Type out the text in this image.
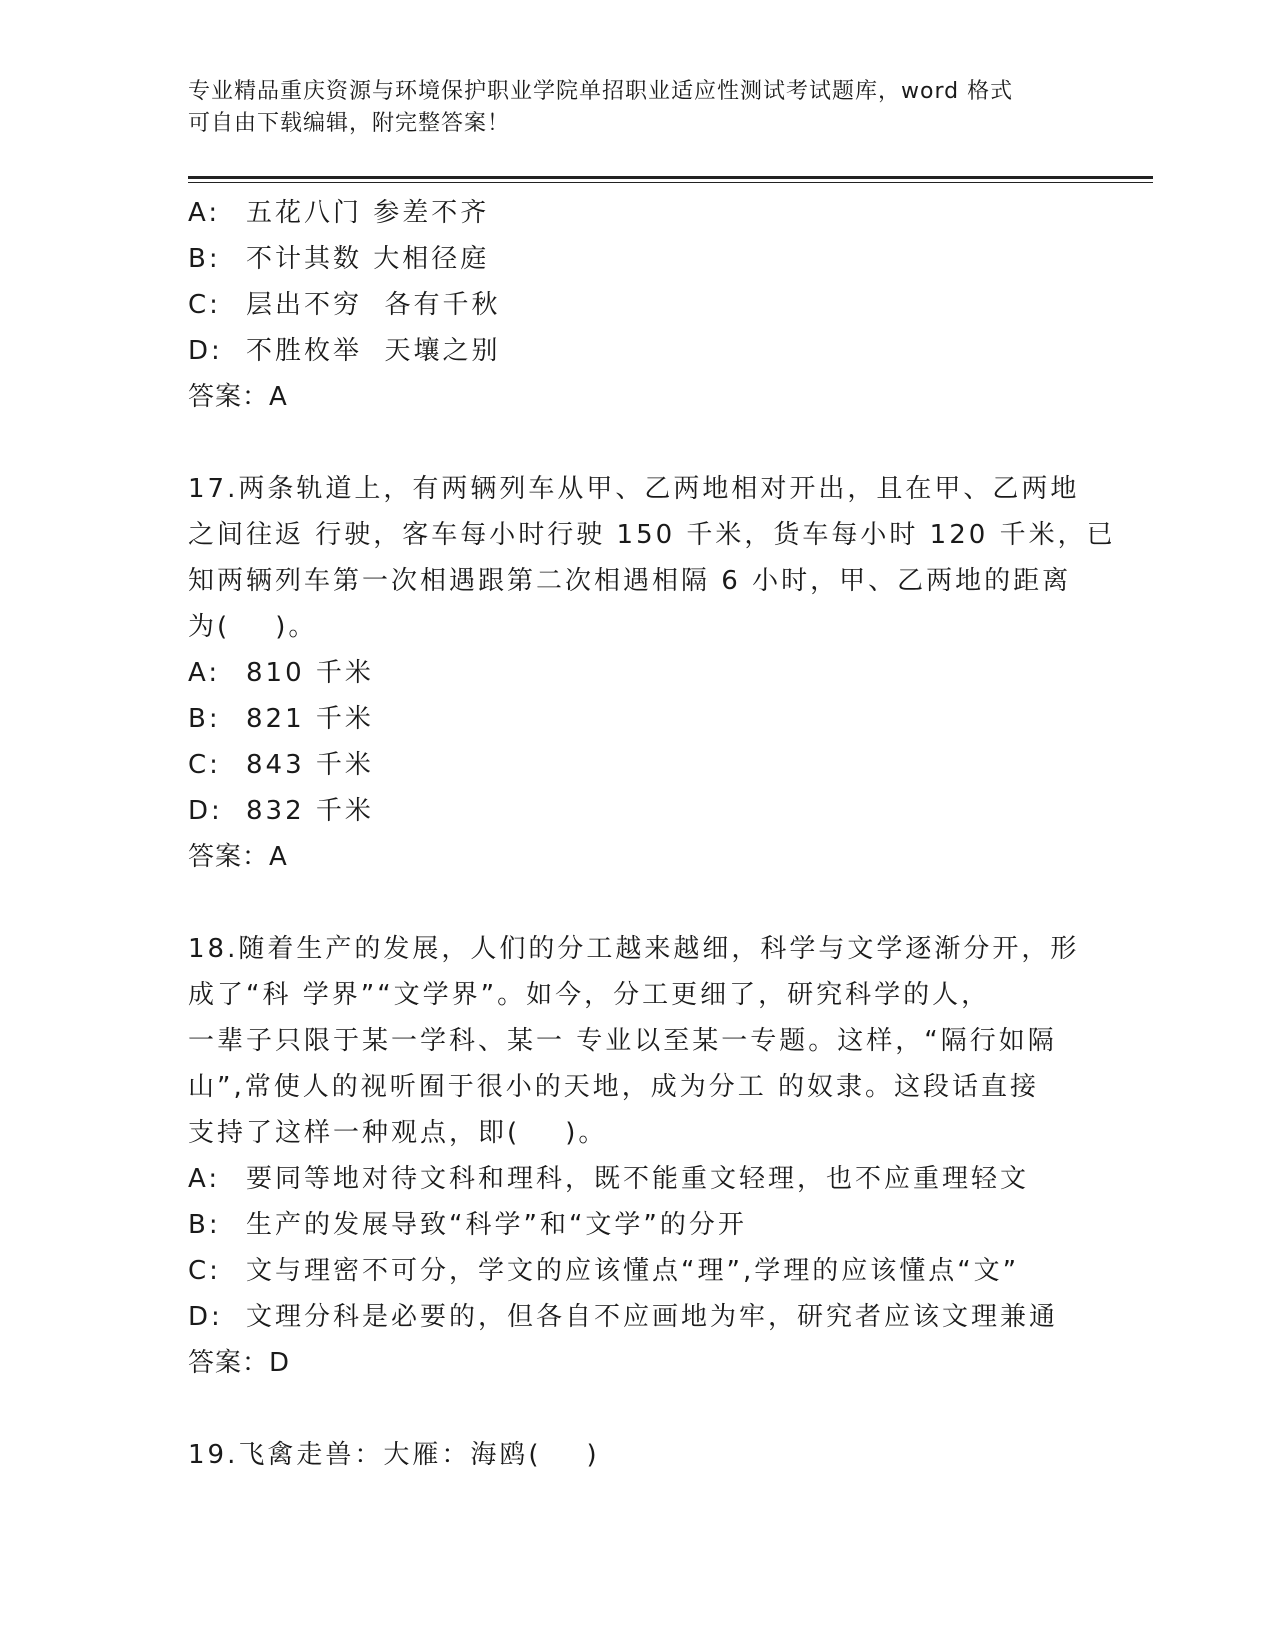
专业精品重庆资源与环境保护职业学院单招职业适应性测试考试题库，word 格式
可自由下载编辑，附完整答案！
A: 五花八门 参差不齐
B: 不计其数 大相径庭
C: 层出不穷  各有千秋
D: 不胜枚举  天壤之别
答案：A
17.两条轨道上，有两辆列车从甲、乙两地相对开出，且在甲、乙两地
之间往返 行驶，客车每小时行驶 150 千米，货车每小时 120 千米，已
知两辆列车第一次相遇跟第二次相遇相隔 6 小时，甲、乙两地的距离
为(    )。
A: 810 千米
B: 821 千米
C: 843 千米
D: 832 千米
答案：A
18.随着生产的发展，人们的分工越来越细，科学与文学逐渐分开，形
成了“科 学界”“文学界”。如今，分工更细了，研究科学的人，
一辈子只限于某一学科、某一 专业以至某一专题。这样，“隔行如隔
山”,常使人的视听囿于很小的天地，成为分工 的奴隶。这段话直接
支持了这样一种观点，即(    )。
A: 要同等地对待文科和理科，既不能重文轻理，也不应重理轻文
B: 生产的发展导致“科学”和“文学”的分开
C: 文与理密不可分，学文的应该懂点“理”,学理的应该懂点“文”
D: 文理分科是必要的，但各自不应画地为牢，研究者应该文理兼通
答案：D
19.飞禽走兽：大雁：海鸥(    )
